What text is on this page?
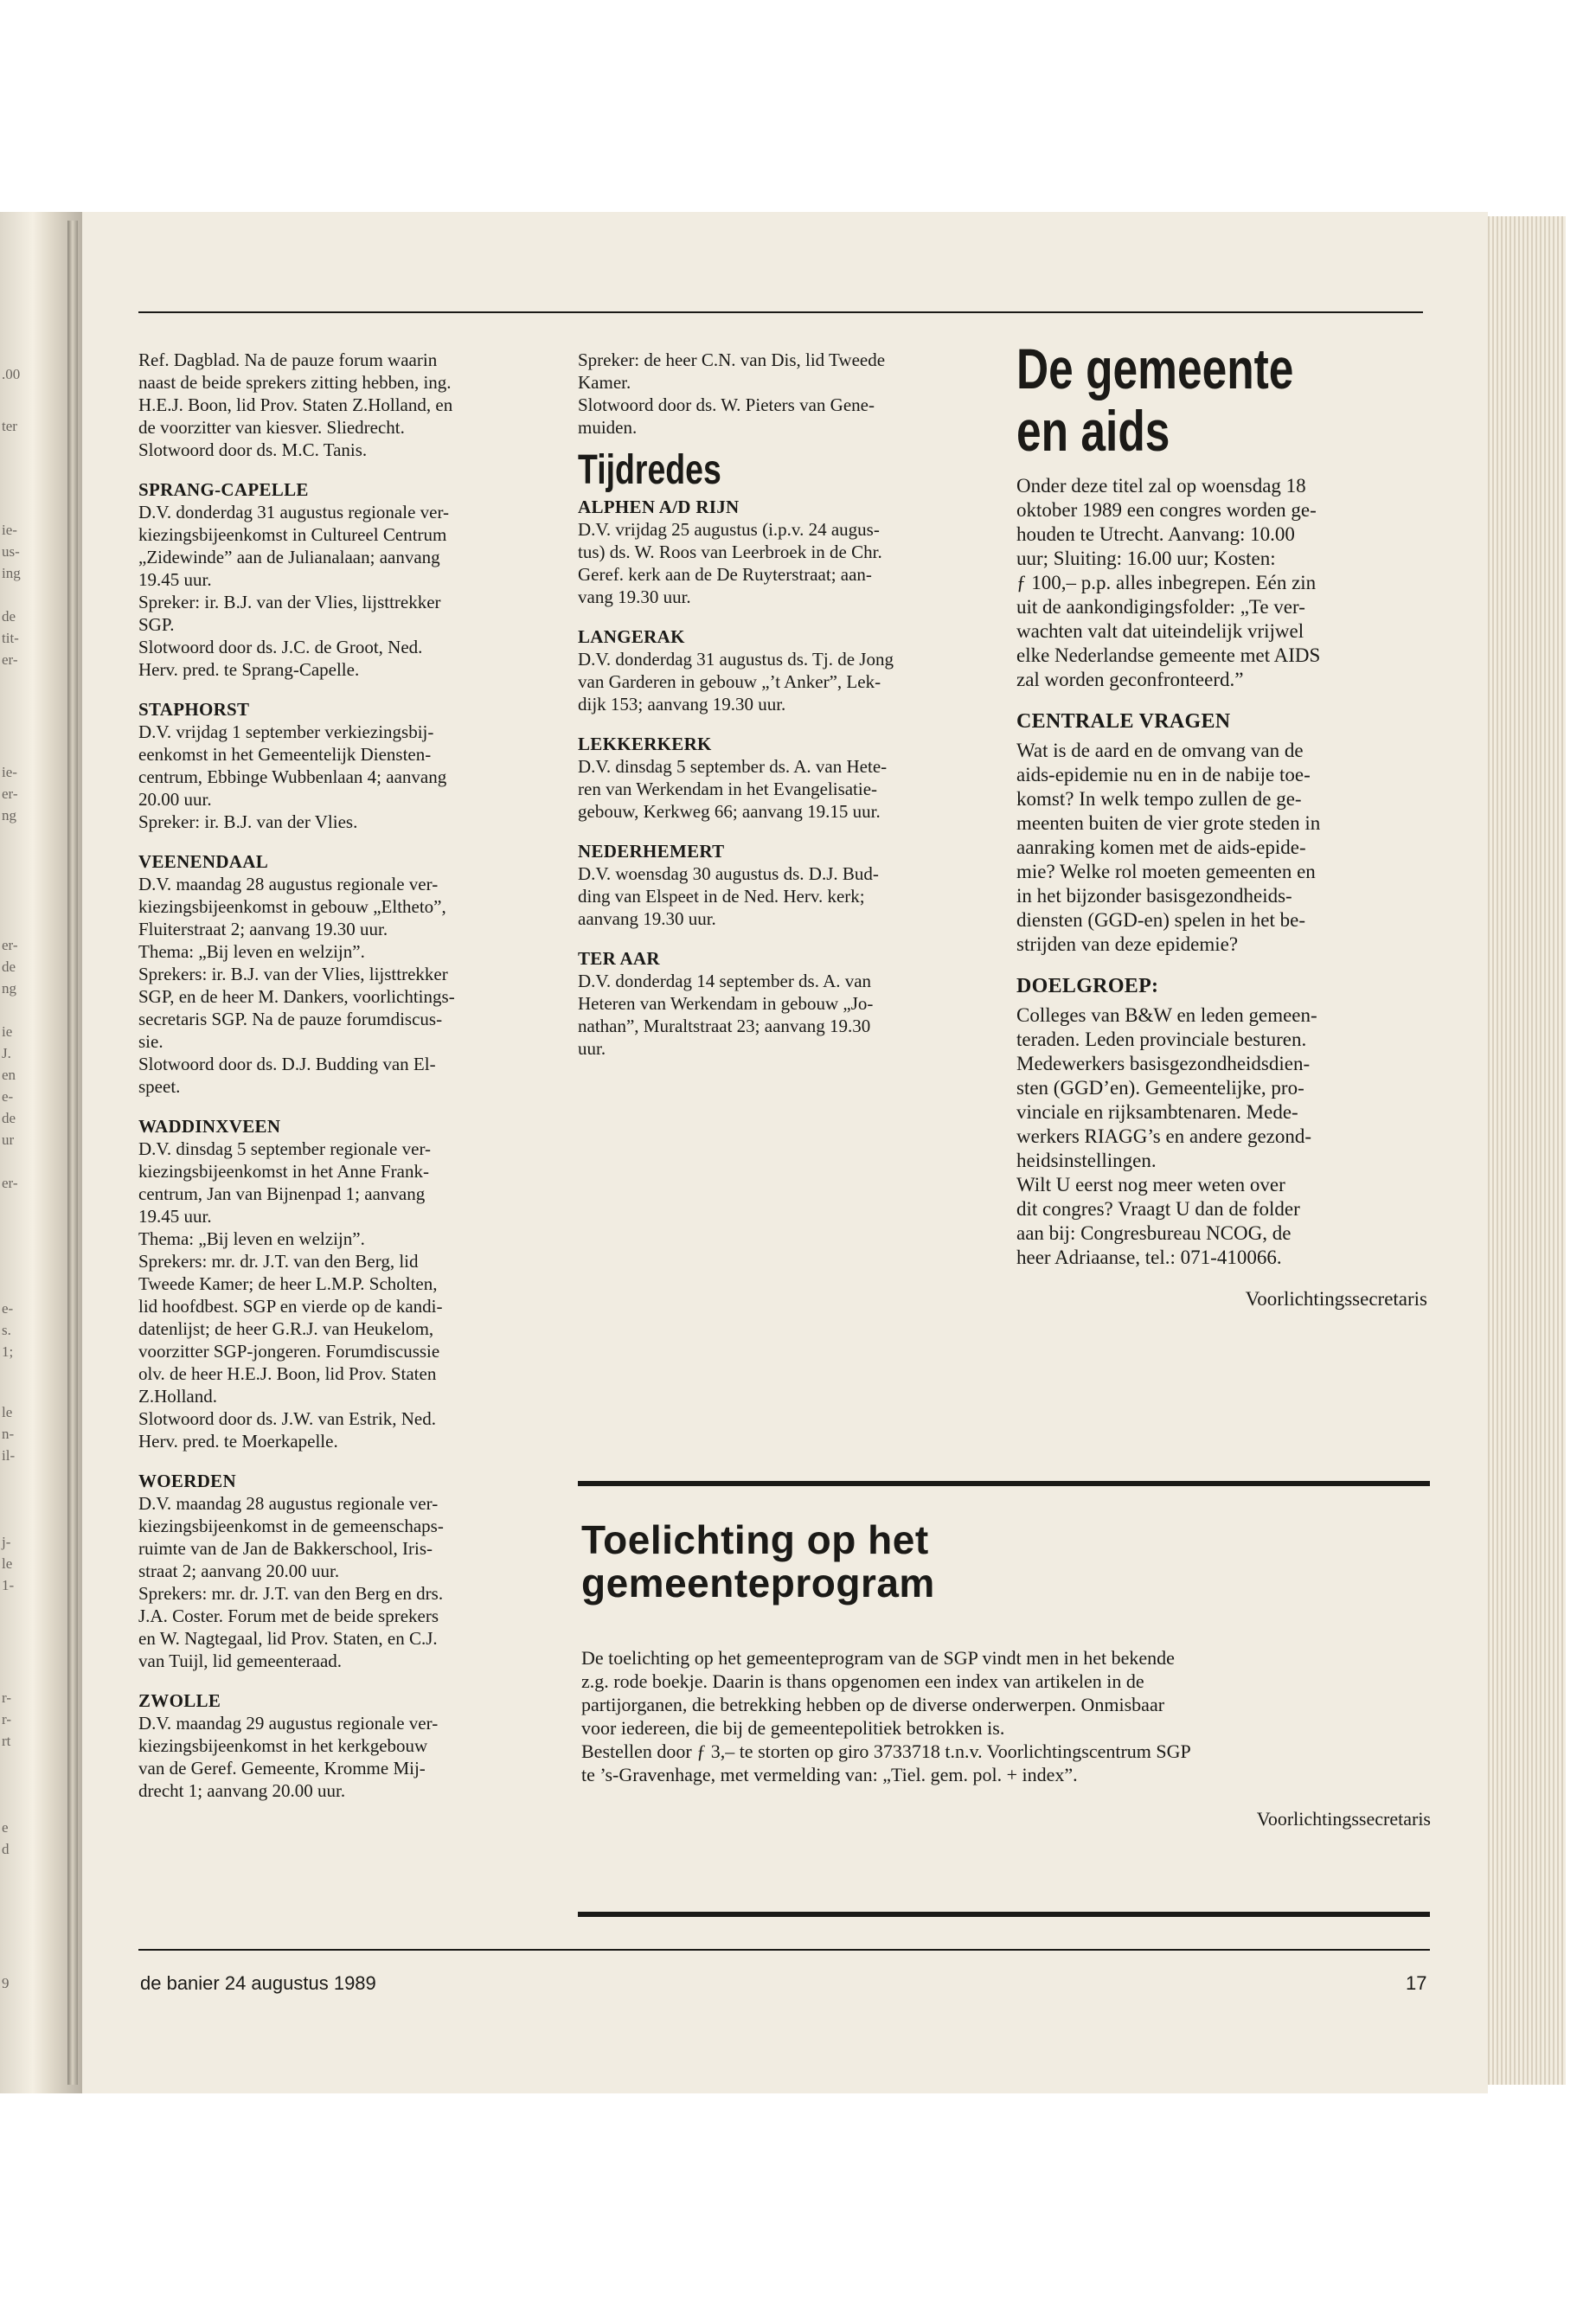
.00
ter
ie-
us-
ing
de
tit-
er-
ie-
er-
ng
er-
de
ng
ie
J.
en
e-
de
ur
er-
e-
s.
1;
le
n-
il-
j-
le
1-
r-
r-
rt
e
d
9

Ref. Dagblad. Na de pauze forum waarin

naast de beide sprekers zitting hebben, ing.

H.E.J. Boon, lid Prov. Staten Z.Holland, en

de voorzitter van kiesver. Sliedrecht.

Slotwoord door ds. M.C. Tanis.

SPRANG-CAPELLE

D.V. donderdag 31 augustus regionale ver-

kiezingsbijeenkomst in Cultureel Centrum

„Zidewinde” aan de Julianalaan; aanvang

19.45 uur.

Spreker: ir. B.J. van der Vlies, lijsttrekker

SGP.

Slotwoord door ds. J.C. de Groot, Ned.

Herv. pred. te Sprang-Capelle.

STAPHORST

D.V. vrijdag 1 september verkiezingsbij-

eenkomst in het Gemeentelijk Diensten-

centrum, Ebbinge Wubbenlaan 4; aanvang

20.00 uur.

Spreker: ir. B.J. van der Vlies.

VEENENDAAL

D.V. maandag 28 augustus regionale ver-

kiezingsbijeenkomst in gebouw „Eltheto”,

Fluiterstraat 2; aanvang 19.30 uur.

Thema: „Bij leven en welzijn”.

Sprekers: ir. B.J. van der Vlies, lijsttrekker

SGP, en de heer M. Dankers, voorlichtings-

secretaris SGP. Na de pauze forumdiscus-

sie.

Slotwoord door ds. D.J. Budding van El-

speet.

WADDINXVEEN

D.V. dinsdag 5 september regionale ver-

kiezingsbijeenkomst in het Anne Frank-

centrum, Jan van Bijnenpad 1; aanvang

19.45 uur.

Thema: „Bij leven en welzijn”.

Sprekers: mr. dr. J.T. van den Berg, lid

Tweede Kamer; de heer L.M.P. Scholten,

lid hoofdbest. SGP en vierde op de kandi-

datenlijst; de heer G.R.J. van Heukelom,

voorzitter SGP-jongeren. Forumdiscussie

olv. de heer H.E.J. Boon, lid Prov. Staten

Z.Holland.

Slotwoord door ds. J.W. van Estrik, Ned.

Herv. pred. te Moerkapelle.

WOERDEN

D.V. maandag 28 augustus regionale ver-

kiezingsbijeenkomst in de gemeenschaps-

ruimte van de Jan de Bakkerschool, Iris-

straat 2; aanvang 20.00 uur.

Sprekers: mr. dr. J.T. van den Berg en drs.

J.A. Coster. Forum met de beide sprekers

en W. Nagtegaal, lid Prov. Staten, en C.J.

van Tuijl, lid gemeenteraad.

ZWOLLE

D.V. maandag 29 augustus regionale ver-

kiezingsbijeenkomst in het kerkgebouw

van de Geref. Gemeente, Kromme Mij-

drecht 1; aanvang 20.00 uur.

Spreker: de heer C.N. van Dis, lid Tweede

Kamer.

Slotwoord door ds. W. Pieters van Gene-

muiden.

Tijdredes
ALPHEN A/D RIJN

D.V. vrijdag 25 augustus (i.p.v. 24 augus-

tus) ds. W. Roos van Leerbroek in de Chr.

Geref. kerk aan de De Ruyterstraat; aan-

vang 19.30 uur.

LANGERAK

D.V. donderdag 31 augustus ds. Tj. de Jong

van Garderen in gebouw „’t Anker”, Lek-

dijk 153; aanvang 19.30 uur.

LEKKERKERK

D.V. dinsdag 5 september ds. A. van Hete-

ren van Werkendam in het Evangelisatie-

gebouw, Kerkweg 66; aanvang 19.15 uur.

NEDERHEMERT

D.V. woensdag 30 augustus ds. D.J. Bud-

ding van Elspeet in de Ned. Herv. kerk;

aanvang 19.30 uur.

TER AAR

D.V. donderdag 14 september ds. A. van

Heteren van Werkendam in gebouw „Jo-

nathan”, Muraltstraat 23; aanvang 19.30

uur.

De gemeente
en aids

Onder deze titel zal op woensdag 18

oktober 1989 een congres worden ge-

houden te Utrecht. Aanvang: 10.00

uur; Sluiting: 16.00 uur; Kosten:

ƒ 100,– p.p. alles inbegrepen. Eén zin

uit de aankondigingsfolder: „Te ver-

wachten valt dat uiteindelijk vrijwel

elke Nederlandse gemeente met AIDS

zal worden geconfronteerd.”

CENTRALE VRAGEN

Wat is de aard en de omvang van de

aids-epidemie nu en in de nabije toe-

komst? In welk tempo zullen de ge-

meenten buiten de vier grote steden in

aanraking komen met de aids-epide-

mie? Welke rol moeten gemeenten en

in het bijzonder basisgezondheids-

diensten (GGD-en) spelen in het be-

strijden van deze epidemie?

DOELGROEP:

Colleges van B&W en leden gemeen-

teraden. Leden provinciale besturen.

Medewerkers basisgezondheidsdien-

sten (GGD’en). Gemeentelijke, pro-

vinciale en rijksambtenaren. Mede-

werkers RIAGG’s en andere gezond-

heidsinstellingen.

Wilt U eerst nog meer weten over

dit congres? Vraagt U dan de folder

aan bij: Congresbureau NCOG, de

heer Adriaanse, tel.: 071-410066.

Voorlichtingssecretaris
Toelichting op het
gemeenteprogram

De toelichting op het gemeenteprogram van de SGP vindt men in het bekende

z.g. rode boekje. Daarin is thans opgenomen een index van artikelen in de

partijorganen, die betrekking hebben op de diverse onderwerpen. Onmisbaar

voor iedereen, die bij de gemeentepolitiek betrokken is.

Bestellen door ƒ 3,– te storten op giro 3733718 t.n.v. Voorlichtingscentrum SGP

te ’s-Gravenhage, met vermelding van: „Tiel. gem. pol. + index”.

Voorlichtingssecretaris
de banier 24 augustus 1989	17
